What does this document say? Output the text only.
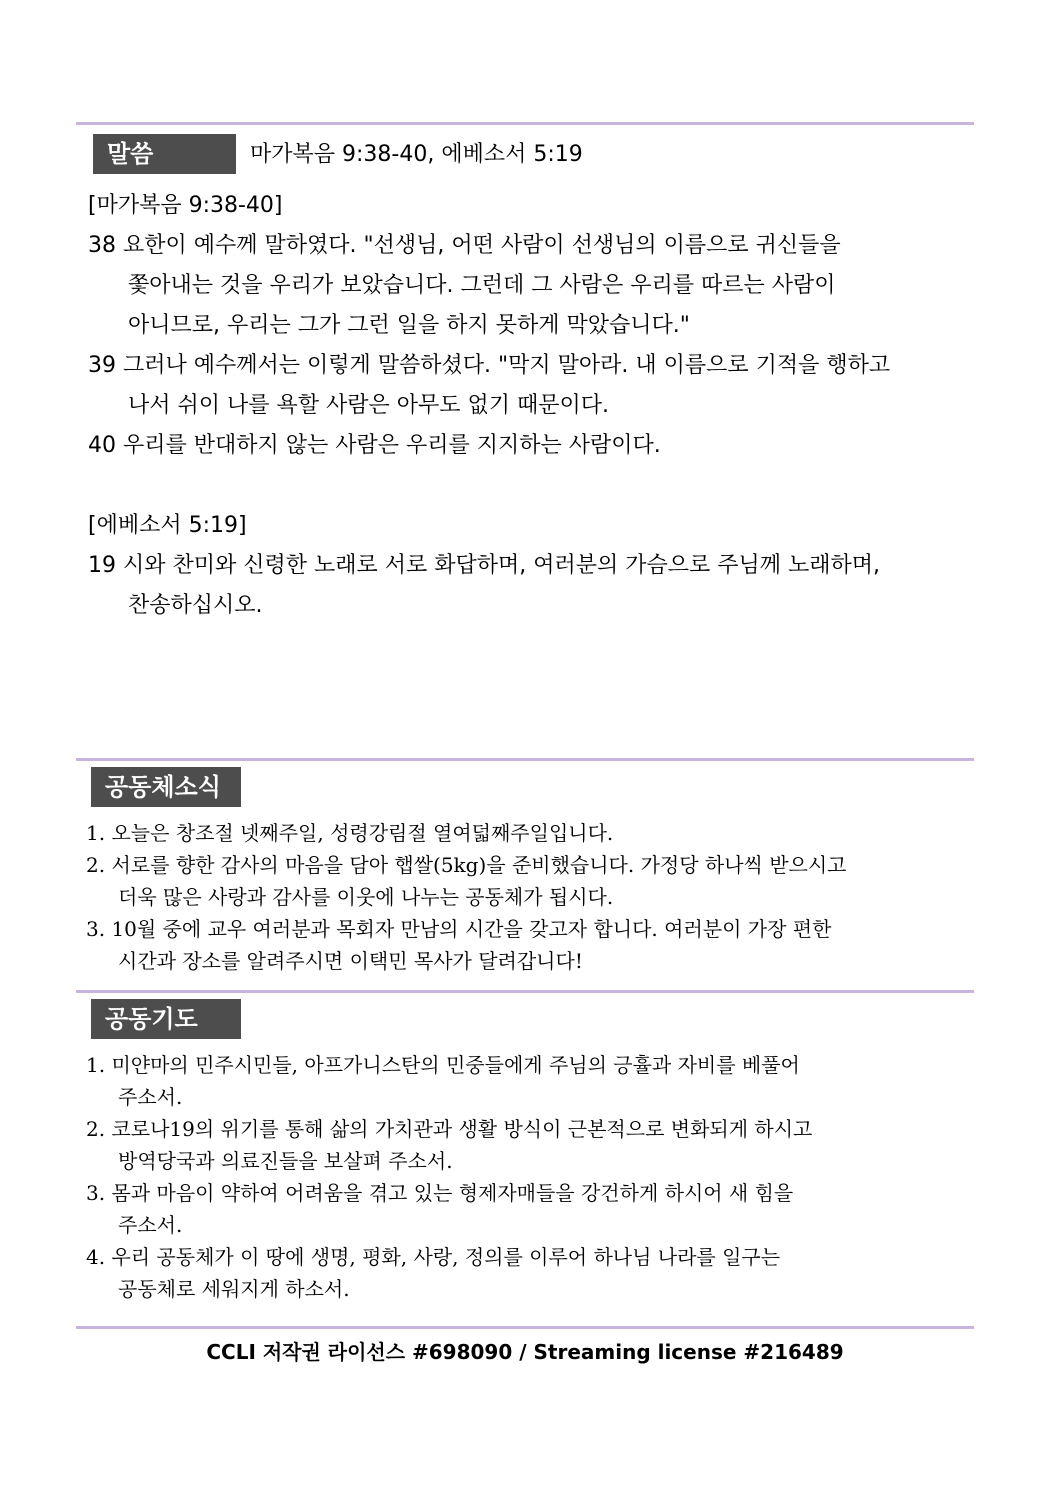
말씀	마가복음 9:38-40, 에베소서 5:19
[마가복음 9:38-40]
38 요한이 예수께 말하였다. "선생님, 어떤 사람이 선생님의 이름으로 귀신들을
쫓아내는 것을 우리가 보았습니다. 그런데 그 사람은 우리를 따르는 사람이
아니므로, 우리는 그가 그런 일을 하지 못하게 막았습니다."
39 그러나 예수께서는 이렇게 말씀하셨다. "막지 말아라. 내 이름으로 기적을 행하고
나서 쉬이 나를 욕할 사람은 아무도 없기 때문이다.
40 우리를 반대하지 않는 사람은 우리를 지지하는 사람이다.
[에베소서 5:19]
19 시와 찬미와 신령한 노래로 서로 화답하며, 여러분의 가슴으로 주님께 노래하며,
찬송하십시오.
공동체소식
1. 오늘은 창조절 넷째주일, 성령강림절 열여덟째주일입니다.
2. 서로를 향한 감사의 마음을 담아 햅쌀(5kg)을 준비했습니다. 가정당 하나씩 받으시고
더욱 많은 사랑과 감사를 이웃에 나누는 공동체가 됩시다.
3. 10월 중에 교우 여러분과 목회자 만남의 시간을 갖고자 합니다. 여러분이 가장 편한
시간과 장소를 알려주시면 이택민 목사가 달려갑니다!
공동기도
1. 미얀마의 민주시민들, 아프가니스탄의 민중들에게 주님의 긍휼과 자비를 베풀어
주소서.
2. 코로나19의 위기를 통해 삶의 가치관과 생활 방식이 근본적으로 변화되게 하시고
방역당국과 의료진들을 보살펴 주소서.
3. 몸과 마음이 약하여 어려움을 겪고 있는 형제자매들을 강건하게 하시어 새 힘을
주소서.
4. 우리 공동체가 이 땅에 생명, 평화, 사랑, 정의를 이루어 하나님 나라를 일구는
공동체로 세워지게 하소서.
CCLI 저작권 라이선스 #698090 / Streaming license #216489
